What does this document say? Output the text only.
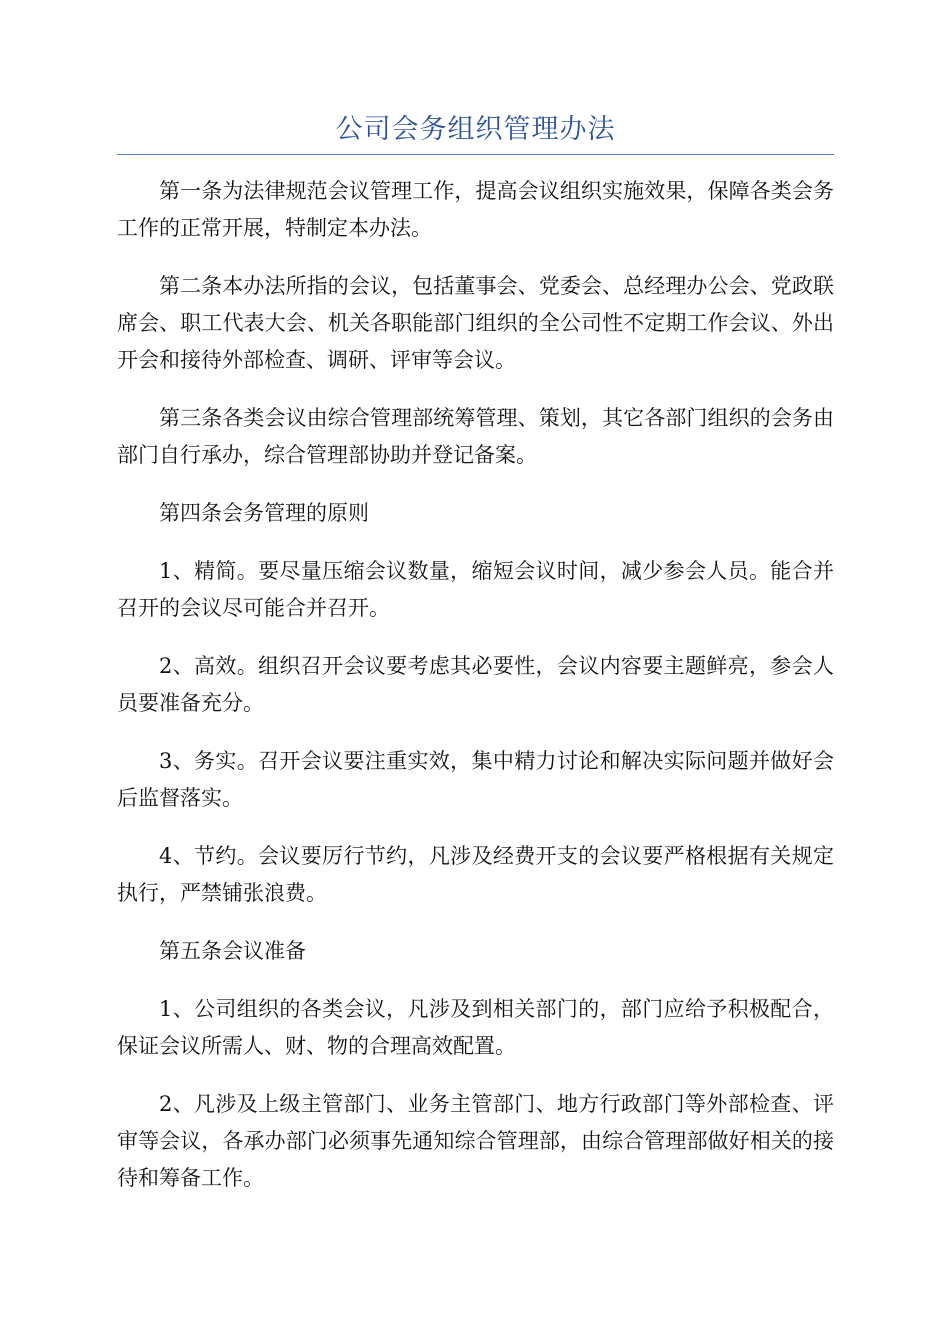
公司会务组织管理办法

第一条为法律规范会议管理工作，提高会议组织实施效果，保障各类会务工作的正常开展，特制定本办法。

第二条本办法所指的会议，包括董事会、党委会、总经理办公会、党政联席会、职工代表大会、机关各职能部门组织的全公司性不定期工作会议、外出开会和接待外部检查、调研、评审等会议。

第三条各类会议由综合管理部统筹管理、策划，其它各部门组织的会务由部门自行承办，综合管理部协助并登记备案。

第四条会务管理的原则

1、精简。要尽量压缩会议数量，缩短会议时间，减少参会人员。能合并召开的会议尽可能合并召开。

2、高效。组织召开会议要考虑其必要性，会议内容要主题鲜亮，参会人员要准备充分。

3、务实。召开会议要注重实效，集中精力讨论和解决实际问题并做好会后监督落实。

4、节约。会议要厉行节约，凡涉及经费开支的会议要严格根据有关规定执行，严禁铺张浪费。

第五条会议准备

1、公司组织的各类会议，凡涉及到相关部门的，部门应给予积极配合，保证会议所需人、财、物的合理高效配置。

2、凡涉及上级主管部门、业务主管部门、地方行政部门等外部检查、评审等会议，各承办部门必须事先通知综合管理部，由综合管理部做好相关的接待和筹备工作。
